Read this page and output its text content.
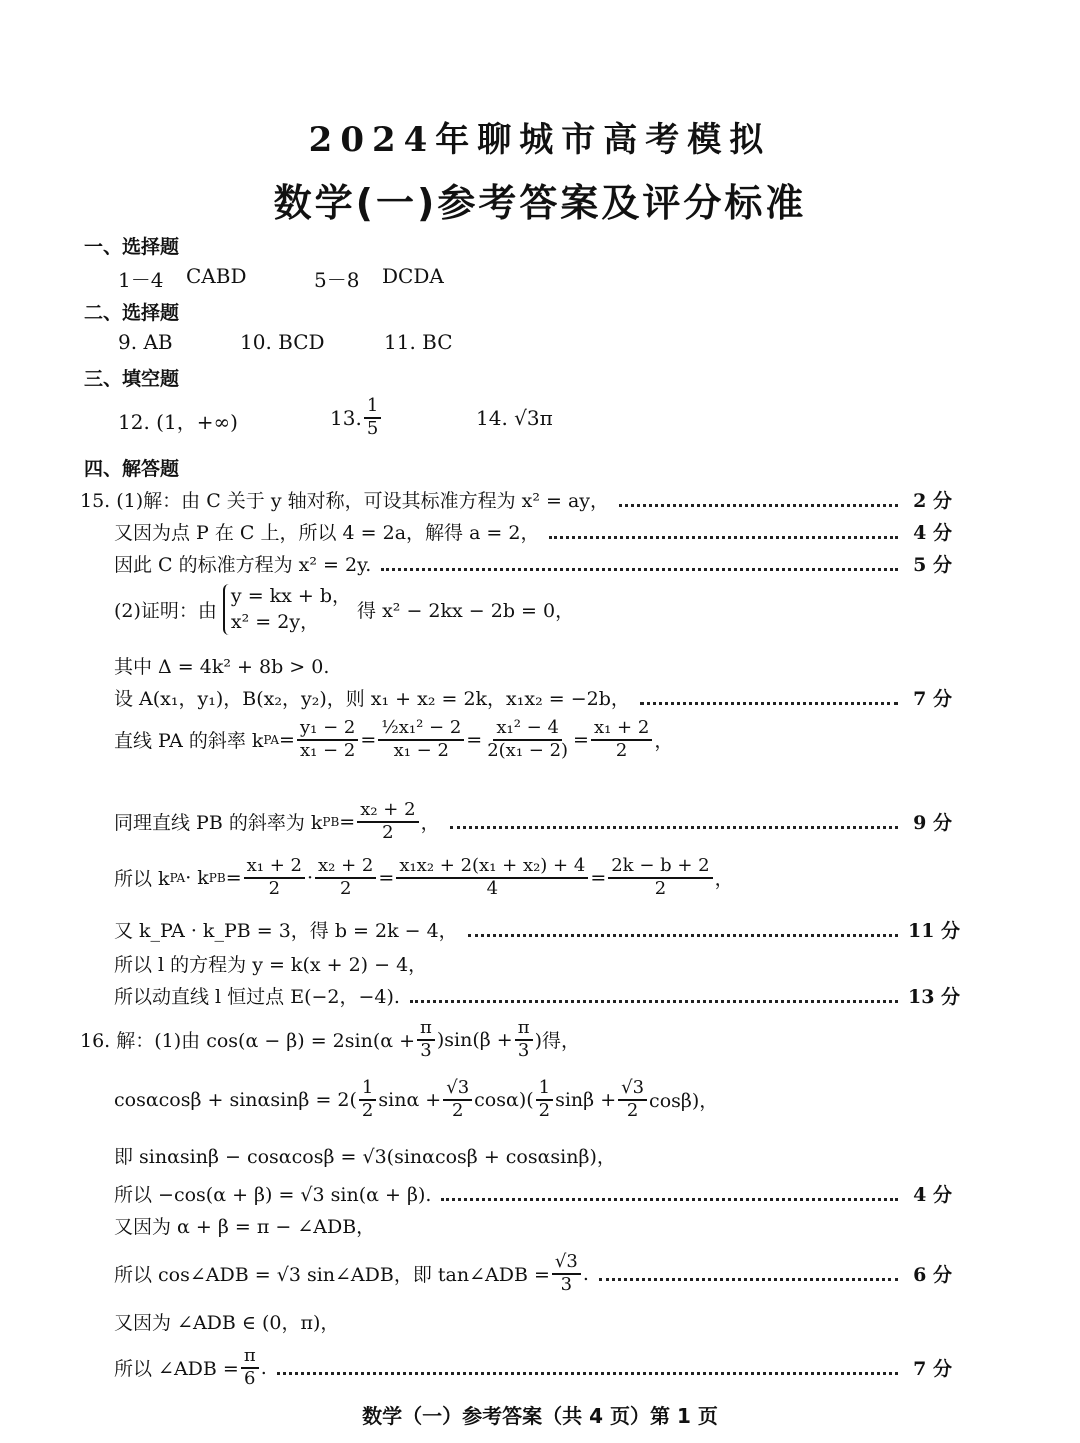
2024年聊城市高考模拟
数学(一)参考答案及评分标准
一、选择题
1－4 CABD	5－8 DCDA
二、选择题
9. AB	10. BCD	11. BC
三、填空题
12. (1，+∞)	13. $\frac{1}{5}$	14. √3π
四、解答题
15. (1)解：由 C 关于 y 轴对称，可设其标准方程为 x² = ay，	2 分
又因为点 P 在 C 上，所以 4 = 2a，解得 a = 2，	4 分
因此 C 的标准方程为 x² = 2y.	5 分
(2)证明：由
y = kx + b，
x² = 2y，	得 x² − 2kx − 2b = 0，
其中 Δ = 4k² + 8b > 0.
设 A(x₁，y₁)，B(x₂，y₂)，则 x₁ + x₂ = 2k，x₁x₂ = −2b，	7 分
直线 PA 的斜率 k PA = $\frac{\text{y₁ − 2}}{\text{x₁ − 2}} = \frac{\text{½x₁² − 2}}{\text{x₁ − 2}} = \frac{\text{x₁² − 4}}{\text{2(x₁ − 2)}} = \frac{\text{x₁ + 2}}{2}$ ，
同理直线 PB 的斜率为 k PB = $\frac{\text{x₂ + 2}}{2}$ ，	9 分
所以 k PA · k PB = $\frac{\text{x₁ + 2}}{2} \cdot \frac{\text{x₂ + 2}}{2} = \frac{\text{x₁x₂ + 2(x₁ + x₂) + 4}}{4} = \frac{2k - b + 2}{2}$ ，
又 k_PA · k_PB = 3，得 b = 2k − 4，	11 分
所以 l 的方程为 y = k(x + 2) − 4，
所以动直线 l 恒过点 E(−2，−4).	13 分
16. 解：(1)由 $\cos(\alpha - \beta) = 2\sin(\alpha + \frac{\pi}{3} )\sin(\beta + \frac{\pi}{3}$ )得，
$\cos\alpha\cos\beta + \sin\alpha\sin\beta = 2( \frac{1}{2}$ $\sin\alpha + \frac{√3}{2} \cos\alpha)( \frac{1}{2}$ $\sin\beta + \frac{√3}{2} \cos\beta$)，
即 sinαsinβ − cosαcosβ = √3(sinαcosβ + cosαsinβ)，
所以 −cos(α + β) = √3 sin(α + β).	4 分
又因为 α + β = π − ∠ADB，
所以 cos∠ADB = √3 sin∠ADB，即 tan∠ADB = $\frac{√3}{3}$ .	6 分
又因为 ∠ADB ∈ (0，π)，
所以 ∠ADB = $\frac{\pi}{6}$ .	7 分
数学（一）参考答案（共 4 页）第 1 页
